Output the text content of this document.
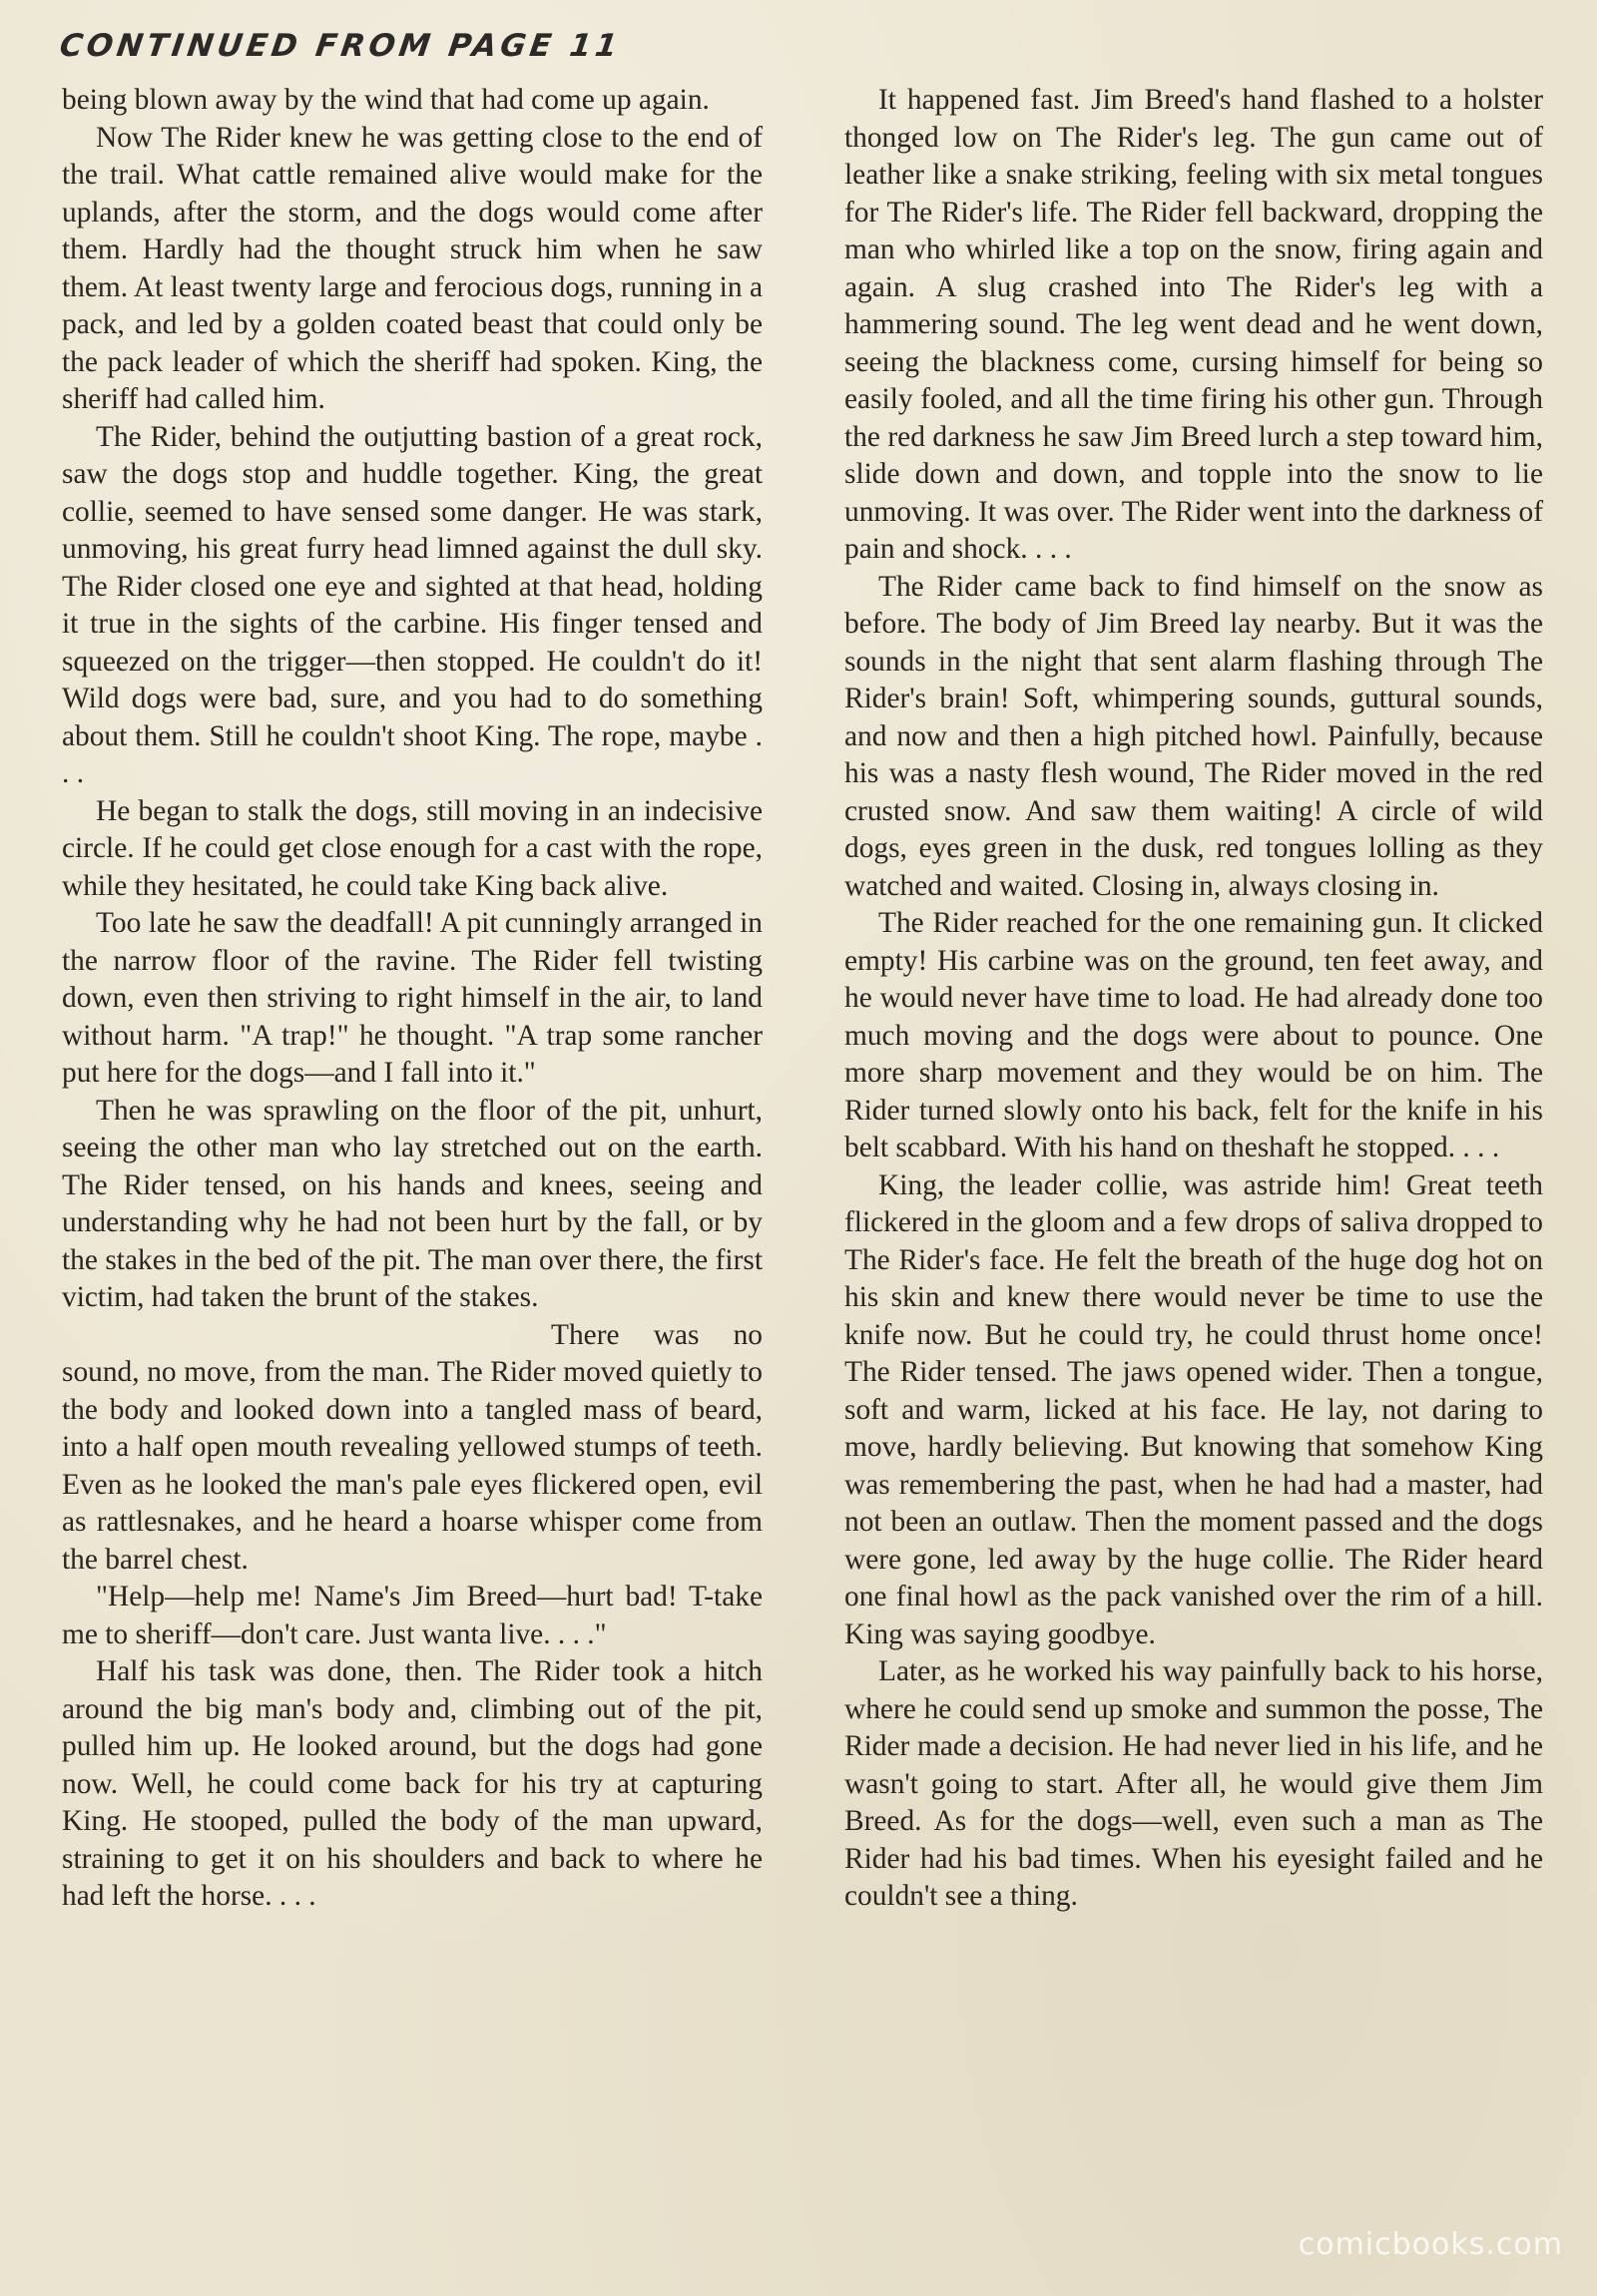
CONTINUED FROM PAGE 11

being blown away by the wind that had come up again.

Now The Rider knew he was getting close to the end of the trail. What cattle remained alive would make for the uplands, after the storm, and the dogs would come after them. Hardly had the thought struck him when he saw them. At least twenty large and ferocious dogs, running in a pack, and led by a golden coated beast that could only be the pack leader of which the sheriff had spoken. King, the sheriff had called him.

The Rider, behind the outjutting bastion of a great rock, saw the dogs stop and huddle together. King, the great collie, seemed to have sensed some danger. He was stark, unmoving, his great furry head limned against the dull sky. The Rider closed one eye and sighted at that head, holding it true in the sights of the carbine. His finger tensed and squeezed on the trigger—then stopped. He couldn't do it! Wild dogs were bad, sure, and you had to do something about them. Still he couldn't shoot King. The rope, maybe . . .

He began to stalk the dogs, still moving in an indecisive circle. If he could get close enough for a cast with the rope, while they hesitated, he could take King back alive.

Too late he saw the deadfall! A pit cunningly arranged in the narrow floor of the ravine. The Rider fell twisting down, even then striving to right himself in the air, to land without harm. "A trap!" he thought. "A trap some rancher put here for the dogs—and I fall into it."

Then he was sprawling on the floor of the pit, unhurt, seeing the other man who lay stretched out on the earth. The Rider tensed, on his hands and knees, seeing and understanding why he had not been hurt by the fall, or by the stakes in the bed of the pit. The man over there, the first victim, had taken the brunt of the stakes.

There was no sound, no move, from the man. The Rider moved quietly to the body and looked down into a tangled mass of beard, into a half open mouth revealing yellowed stumps of teeth. Even as he looked the man's pale eyes flickered open, evil as rattlesnakes, and he heard a hoarse whisper come from the barrel chest.

"Help—help me! Name's Jim Breed—hurt bad! T-take me to sheriff—don't care. Just wanta live. . . ."

Half his task was done, then. The Rider took a hitch around the big man's body and, climbing out of the pit, pulled him up. He looked around, but the dogs had gone now. Well, he could come back for his try at capturing King. He stooped, pulled the body of the man upward, straining to get it on his shoulders and back to where he had left the horse. . . .

It happened fast. Jim Breed's hand flashed to a holster thonged low on The Rider's leg. The gun came out of leather like a snake striking, feeling with six metal tongues for The Rider's life. The Rider fell backward, dropping the man who whirled like a top on the snow, firing again and again. A slug crashed into The Rider's leg with a hammering sound. The leg went dead and he went down, seeing the blackness come, cursing himself for being so easily fooled, and all the time firing his other gun. Through the red darkness he saw Jim Breed lurch a step toward him, slide down and down, and topple into the snow to lie unmoving. It was over. The Rider went into the darkness of pain and shock. . . .

The Rider came back to find himself on the snow as before. The body of Jim Breed lay nearby. But it was the sounds in the night that sent alarm flashing through The Rider's brain! Soft, whimpering sounds, guttural sounds, and now and then a high pitched howl. Painfully, because his was a nasty flesh wound, The Rider moved in the red crusted snow. And saw them waiting! A circle of wild dogs, eyes green in the dusk, red tongues lolling as they watched and waited. Closing in, always closing in.

The Rider reached for the one remaining gun. It clicked empty! His carbine was on the ground, ten feet away, and he would never have time to load. He had already done too much moving and the dogs were about to pounce. One more sharp movement and they would be on him. The Rider turned slowly onto his back, felt for the knife in his belt scabbard. With his hand on theshaft he stopped. . . .

King, the leader collie, was astride him! Great teeth flickered in the gloom and a few drops of saliva dropped to The Rider's face. He felt the breath of the huge dog hot on his skin and knew there would never be time to use the knife now. But he could try, he could thrust home once! The Rider tensed. The jaws opened wider. Then a tongue, soft and warm, licked at his face. He lay, not daring to move, hardly believing. But knowing that somehow King was remembering the past, when he had had a master, had not been an outlaw. Then the moment passed and the dogs were gone, led away by the huge collie. The Rider heard one final howl as the pack vanished over the rim of a hill. King was saying goodbye.

Later, as he worked his way painfully back to his horse, where he could send up smoke and summon the posse, The Rider made a decision. He had never lied in his life, and he wasn't going to start. After all, he would give them Jim Breed. As for the dogs—well, even such a man as The Rider had his bad times. When his eyesight failed and he couldn't see a thing.

comicbooks.com
